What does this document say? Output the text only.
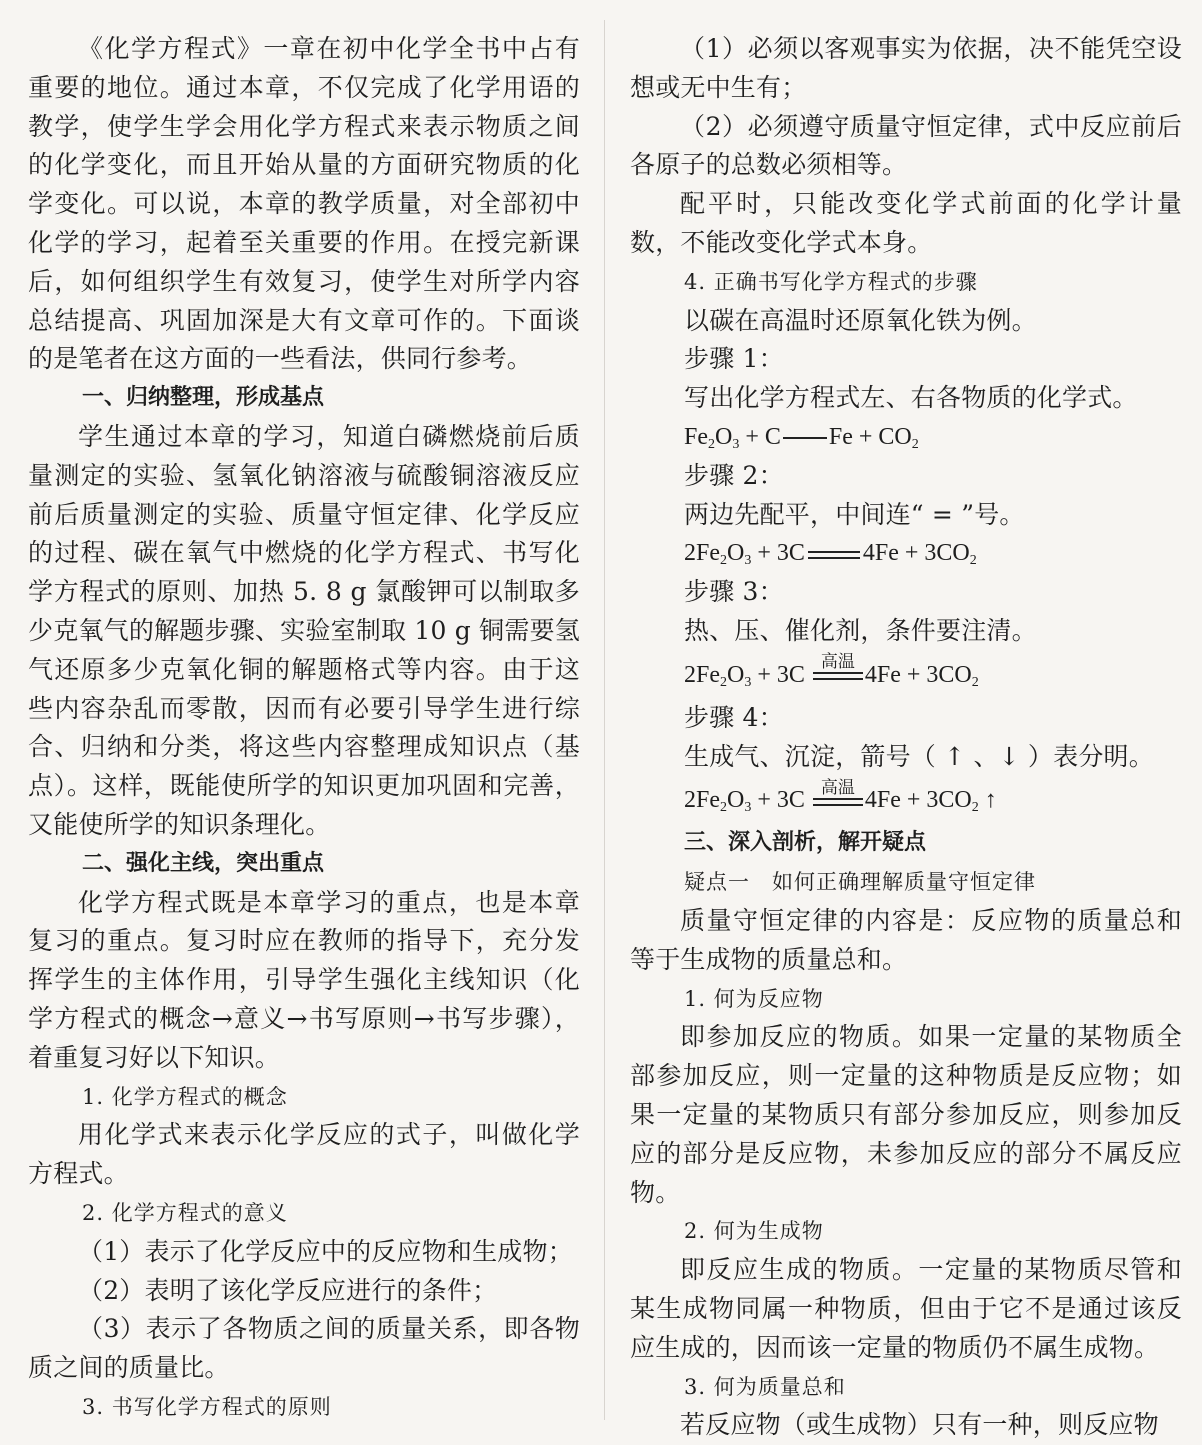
《化学方程式》一章在初中化学全书中占有重要的地位。通过本章，不仅完成了化学用语的教学，使学生学会用化学方程式来表示物质之间的化学变化，而且开始从量的方面研究物质的化学变化。可以说，本章的教学质量，对全部初中化学的学习，起着至关重要的作用。在授完新课后，如何组织学生有效复习，使学生对所学内容总结提高、巩固加深是大有文章可作的。下面谈的是笔者在这方面的一些看法，供同行参考。

一、归纳整理，形成基点

学生通过本章的学习，知道白磷燃烧前后质量测定的实验、氢氧化钠溶液与硫酸铜溶液反应前后质量测定的实验、质量守恒定律、化学反应的过程、碳在氧气中燃烧的化学方程式、书写化学方程式的原则、加热 5. 8 g 氯酸钾可以制取多少克氧气的解题步骤、实验室制取 10 g 铜需要氢气还原多少克氧化铜的解题格式等内容。由于这些内容杂乱而零散，因而有必要引导学生进行综合、归纳和分类，将这些内容整理成知识点（基点）。这样，既能使所学的知识更加巩固和完善，又能使所学的知识条理化。

二、强化主线，突出重点

化学方程式既是本章学习的重点，也是本章复习的重点。复习时应在教师的指导下，充分发挥学生的主体作用，引导学生强化主线知识（化学方程式的概念→意义→书写原则→书写步骤），着重复习好以下知识。

1. 化学方程式的概念

用化学式来表示化学反应的式子，叫做化学方程式。

2. 化学方程式的意义

（1）表示了化学反应中的反应物和生成物；

（2）表明了该化学反应进行的条件；

（3）表示了各物质之间的质量关系，即各物质之间的质量比。

3. 书写化学方程式的原则

（1）必须以客观事实为依据，决不能凭空设想或无中生有；

（2）必须遵守质量守恒定律，式中反应前后各原子的总数必须相等。

配平时，只能改变化学式前面的化学计量数，不能改变化学式本身。

4. 正确书写化学方程式的步骤

以碳在高温时还原氧化铁为例。

步骤 1：

写出化学方程式左、右各物质的化学式。

$Fe_2O_3 + C$ $Fe + CO_2$

步骤 2：

两边先配平，中间连“ = ”号。

$2Fe_2O_3 + 3C$ $4Fe + 3CO_2$

步骤 3：

热、压、催化剂，条件要注清。

$2Fe_2O_3 + 3C$ 高温 $4Fe + 3CO_2$

步骤 4：

生成气、沉淀，箭号（ ↑ 、↓ ）表分明。

$2Fe_2O_3 + 3C$ 高温 $4Fe + 3CO_2$ ↑

三、深入剖析，解开疑点

疑点一　如何正确理解质量守恒定律

质量守恒定律的内容是：反应物的质量总和等于生成物的质量总和。

1. 何为反应物

即参加反应的物质。如果一定量的某物质全部参加反应，则一定量的这种物质是反应物；如果一定量的某物质只有部分参加反应，则参加反应的部分是反应物，未参加反应的部分不属反应物。

2. 何为生成物

即反应生成的物质。一定量的某物质尽管和某生成物同属一种物质，但由于它不是通过该反应生成的，因而该一定量的物质仍不属生成物。

3. 何为质量总和

若反应物（或生成物）只有一种，则反应物
